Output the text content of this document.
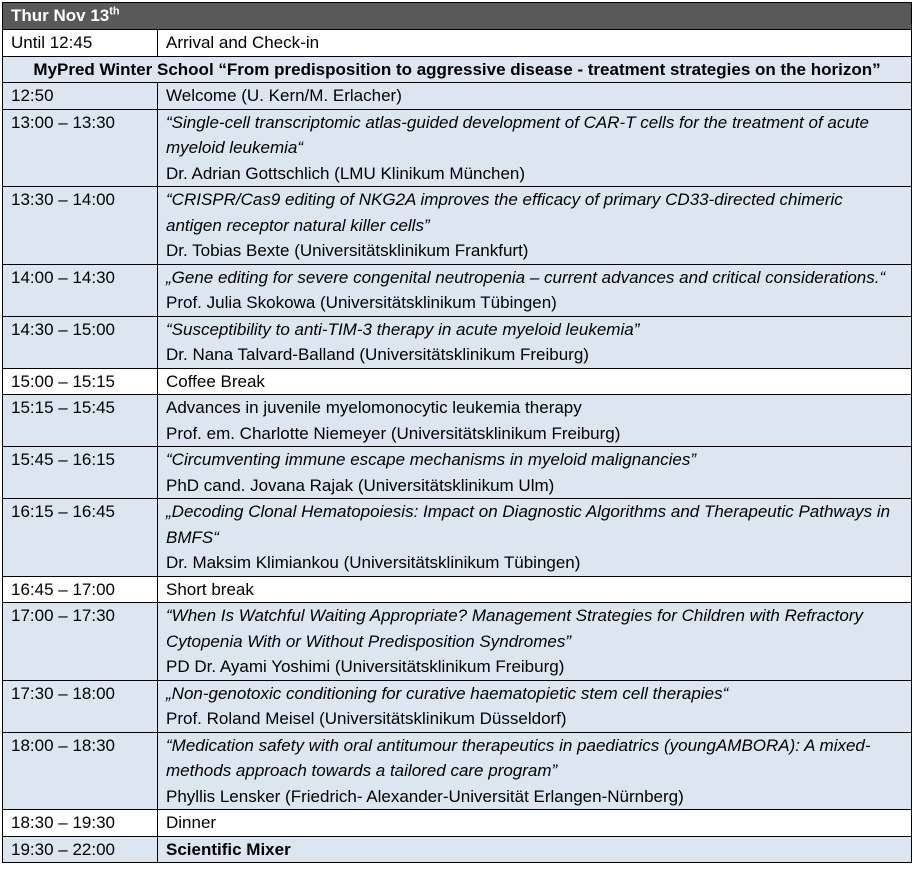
Thur Nov 13th
Until 12:45	Arrival and Check-in
MyPred Winter School “From predisposition to aggressive disease - treatment strategies on the horizon”	
12:50	Welcome (U. Kern/M. Erlacher)

13:00 – 13:30	“Single-cell transcriptomic atlas-guided development of CAR-T cells for the treatment of acute myeloid leukemia“
Dr. Adrian Gottschlich (LMU Klinikum München)

13:30 – 14:00	“CRISPR/Cas9 editing of NKG2A improves the efficacy of primary CD33-directed chimeric antigen receptor natural killer cells”
Dr. Tobias Bexte (Universitätsklinikum Frankfurt)

14:00 – 14:30	„Gene editing for severe congenital neutropenia – current advances and critical considerations.“
Prof. Julia Skokowa (Universitätsklinikum Tübingen)

14:30 – 15:00	“Susceptibility to anti-TIM-3 therapy in acute myeloid leukemia”
Dr. Nana Talvard-Balland (Universitätsklinikum Freiburg)

15:00 – 15:15	Coffee Break

15:15 – 15:45	Advances in juvenile myelomonocytic leukemia therapy
Prof. em. Charlotte Niemeyer (Universitätsklinikum Freiburg)

15:45 – 16:15	“Circumventing immune escape mechanisms in myeloid malignancies”
PhD cand. Jovana Rajak (Universitätsklinikum Ulm)

16:15 – 16:45	„Decoding Clonal Hematopoiesis: Impact on Diagnostic Algorithms and Therapeutic Pathways in BMFS“
Dr. Maksim Klimiankou (Universitätsklinikum Tübingen)

16:45 – 17:00	Short break

17:00 – 17:30	“When Is Watchful Waiting Appropriate? Management Strategies for Children with Refractory Cytopenia With or Without Predisposition Syndromes”
PD Dr. Ayami Yoshimi (Universitätsklinikum Freiburg)

17:30 – 18:00	„Non-genotoxic conditioning for curative haematopietic stem cell therapies“
Prof. Roland Meisel (Universitätsklinikum Düsseldorf)

18:00 – 18:30	“Medication safety with oral antitumour therapeutics in paediatrics (youngAMBORA): A mixed-methods approach towards a tailored care program”
Phyllis Lensker (Friedrich- Alexander-Universität Erlangen-Nürnberg)

18:30 – 19:30	Dinner

19:30 – 22:00	Scientific Mixer
